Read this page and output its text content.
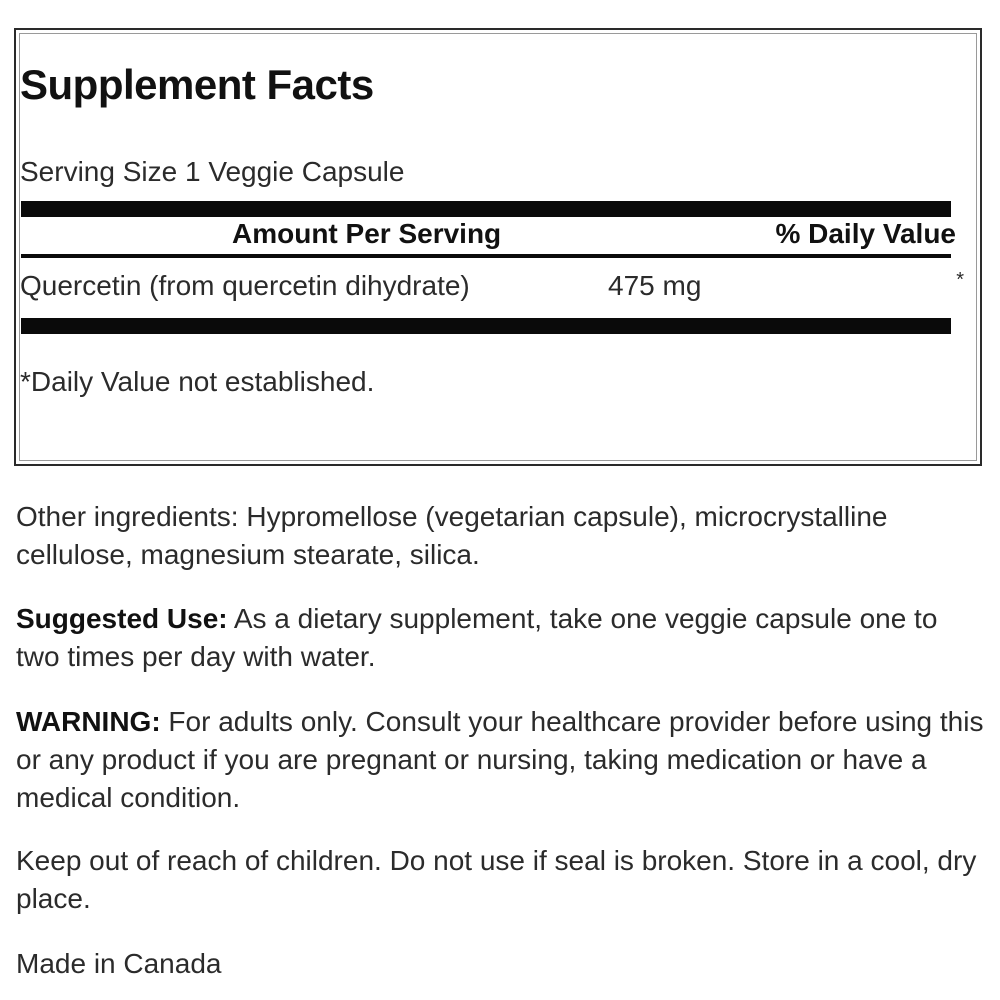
Supplement Facts
Serving Size 1 Veggie Capsule
Amount Per Serving	% Daily Value
Quercetin (from quercetin dihydrate)	475 mg	*
*Daily Value not established.

Other ingredients: Hypromellose (vegetarian capsule), microcrystalline cellulose, magnesium stearate, silica.

Suggested Use: As a dietary supplement, take one veggie capsule one to two times per day with water.

WARNING: For adults only. Consult your healthcare provider before using this or any product if you are pregnant or nursing, taking medication or have a medical condition.

Keep out of reach of children. Do not use if seal is broken. Store in a cool, dry place.

Made in Canada
